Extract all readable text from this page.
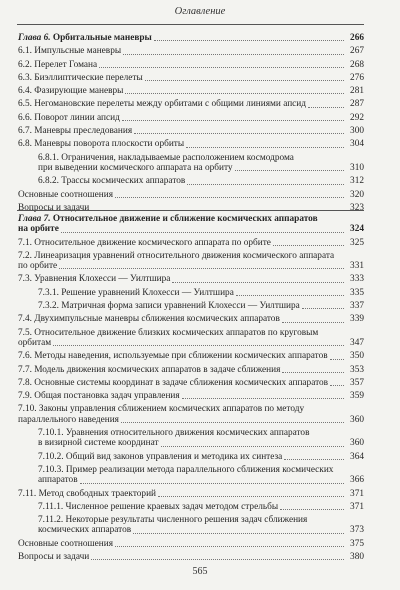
Оглавление
Глава 6. Орбитальные маневры	266
6.1. Импульсные маневры	267
6.2. Перелет Гомана	268
6.3. Биэллиптические перелеты	276
6.4. Фазирующие маневры	281
6.5. Негомановские перелеты между орбитами с общими линиями апсид	287
6.6. Поворот линии апсид	292
6.7. Маневры преследования	300
6.8. Маневры поворота плоскости орбиты	304
6.8.1. Ограничения, накладываемые расположением космодрома
при выведении космического аппарата на орбиту	310
6.8.2. Трассы космических аппаратов	312
Основные соотношения	320
Вопросы и задачи	323
Глава 7. Относительное движение и сближение космических аппаратов
на орбите	324
7.1. Относительное движение космического аппарата по орбите	325
7.2. Линеаризация уравнений относительного движения космического аппарата
по орбите	331
7.3. Уравнения Клохесси — Уилтшира	333
7.3.1. Решение уравнений Клохесси — Уилтшира	335
7.3.2. Матричная форма записи уравнений Клохесси — Уилтшира	337
7.4. Двухимпульсные маневры сближения космических аппаратов	339
7.5. Относительное движение близких космических аппаратов по круговым
орбитам	347
7.6. Методы наведения, используемые при сближении космических аппаратов	350
7.7. Модель движения космических аппаратов в задаче сближения	353
7.8. Основные системы координат в задаче сближения космических аппаратов	357
7.9. Общая постановка задач управления	359
7.10. Законы управления сближением космических аппаратов по методу
параллельного наведения	360
7.10.1. Уравнения относительного движения космических аппаратов
в визирной системе координат	360
7.10.2. Общий вид законов управления и методика их синтеза	364
7.10.3. Пример реализации метода параллельного сближения космических
аппаратов	366
7.11. Метод свободных траекторий	371
7.11.1. Численное решение краевых задач методом стрельбы	371
7.11.2. Некоторые результаты численного решения задач сближения
космических аппаратов	373
Основные соотношения	375
Вопросы и задачи	380
565
